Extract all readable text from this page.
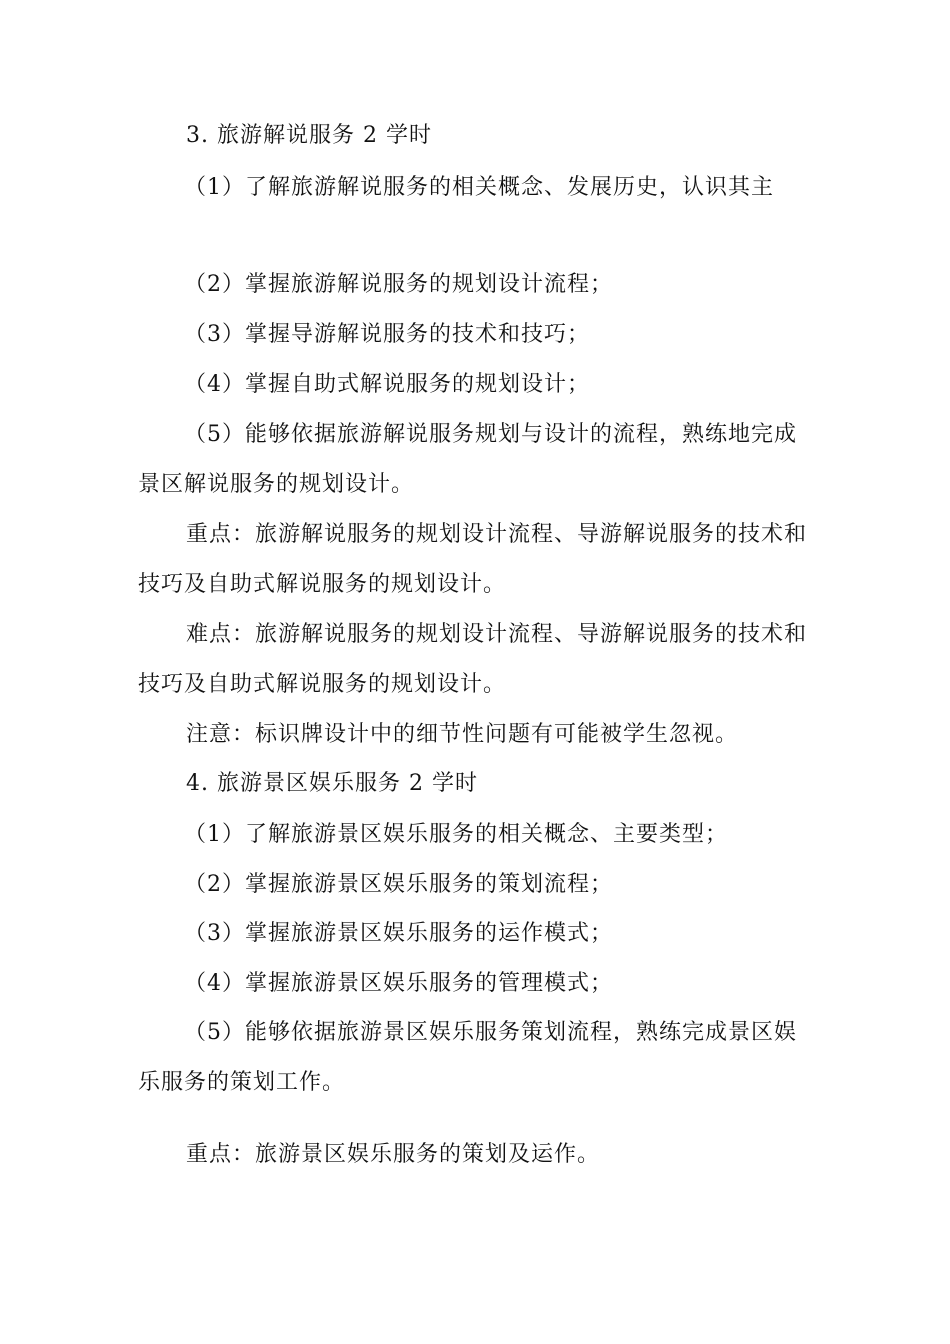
3. 旅游解说服务 2 学时
（1）了解旅游解说服务的相关概念、发展历史，认识其主
（2）掌握旅游解说服务的规划设计流程；
（3）掌握导游解说服务的技术和技巧；
（4）掌握自助式解说服务的规划设计；
（5）能够依据旅游解说服务规划与设计的流程，熟练地完成
景区解说服务的规划设计。
重点：旅游解说服务的规划设计流程、导游解说服务的技术和
技巧及自助式解说服务的规划设计。
难点：旅游解说服务的规划设计流程、导游解说服务的技术和
技巧及自助式解说服务的规划设计。
注意：标识牌设计中的细节性问题有可能被学生忽视。
4. 旅游景区娱乐服务 2 学时
（1）了解旅游景区娱乐服务的相关概念、主要类型；
（2）掌握旅游景区娱乐服务的策划流程；
（3）掌握旅游景区娱乐服务的运作模式；
（4）掌握旅游景区娱乐服务的管理模式；
（5）能够依据旅游景区娱乐服务策划流程，熟练完成景区娱
乐服务的策划工作。
重点：旅游景区娱乐服务的策划及运作。
